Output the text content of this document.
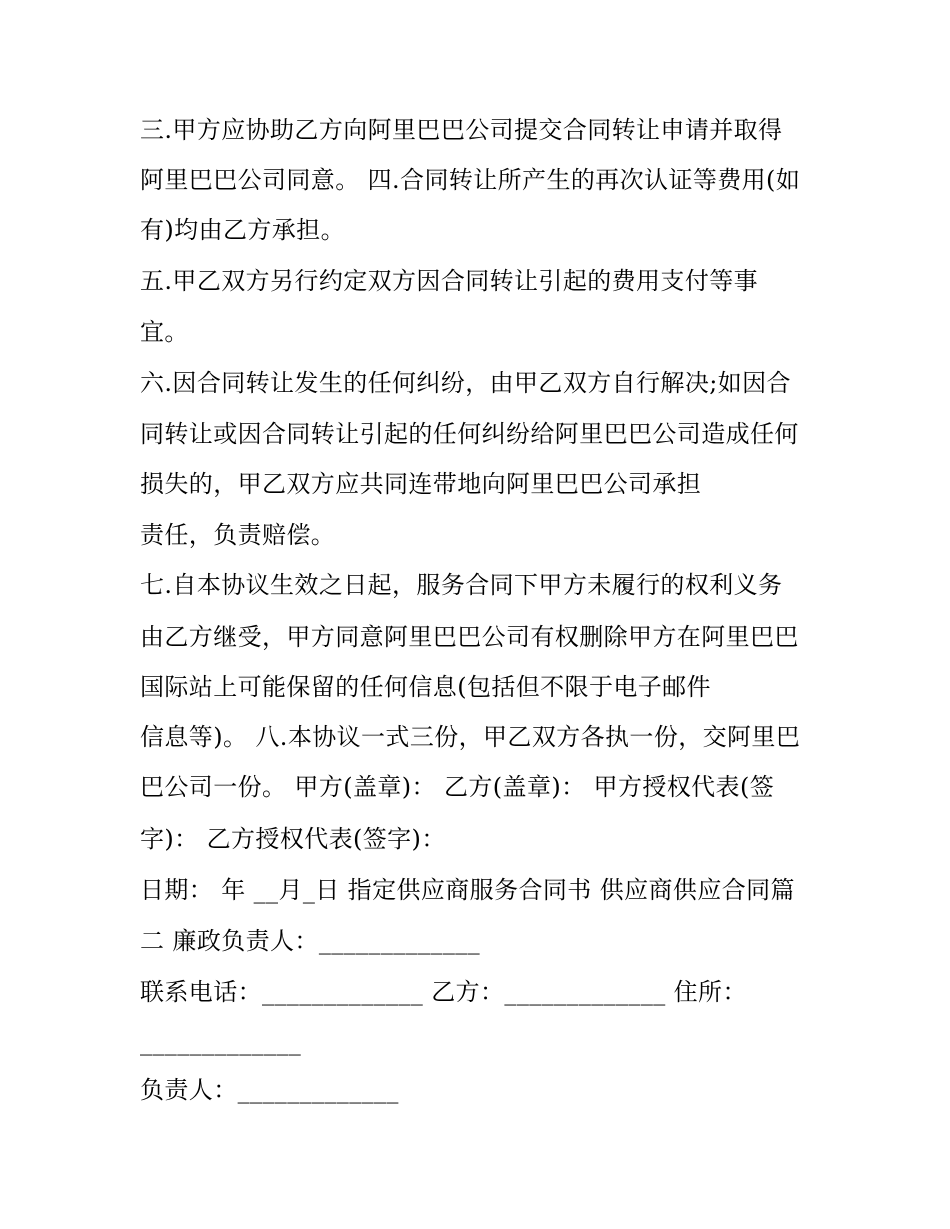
三.甲方应协助乙方向阿里巴巴公司提交合同转让申请并取得
阿里巴巴公司同意。 四.合同转让所产生的再次认证等费用(如
有)均由乙方承担。
五.甲乙双方另行约定双方因合同转让引起的费用支付等事
宜。
六.因合同转让发生的任何纠纷，由甲乙双方自行解决;如因合
同转让或因合同转让引起的任何纠纷给阿里巴巴公司造成任何
损失的，甲乙双方应共同连带地向阿里巴巴公司承担
责任，负责赔偿。
七.自本协议生效之日起，服务合同下甲方未履行的权利义务
由乙方继受，甲方同意阿里巴巴公司有权删除甲方在阿里巴巴
国际站上可能保留的任何信息(包括但不限于电子邮件
信息等)。 八.本协议一式三份，甲乙双方各执一份，交阿里巴
巴公司一份。 甲方(盖章)： 乙方(盖章)： 甲方授权代表(签
字)： 乙方授权代表(签字)：
日期： 年 __月_日 指定供应商服务合同书 供应商供应合同篇
二 廉政负责人：_____________
联系电话：_____________ 乙方：_____________ 住所：
_____________
负责人：_____________
